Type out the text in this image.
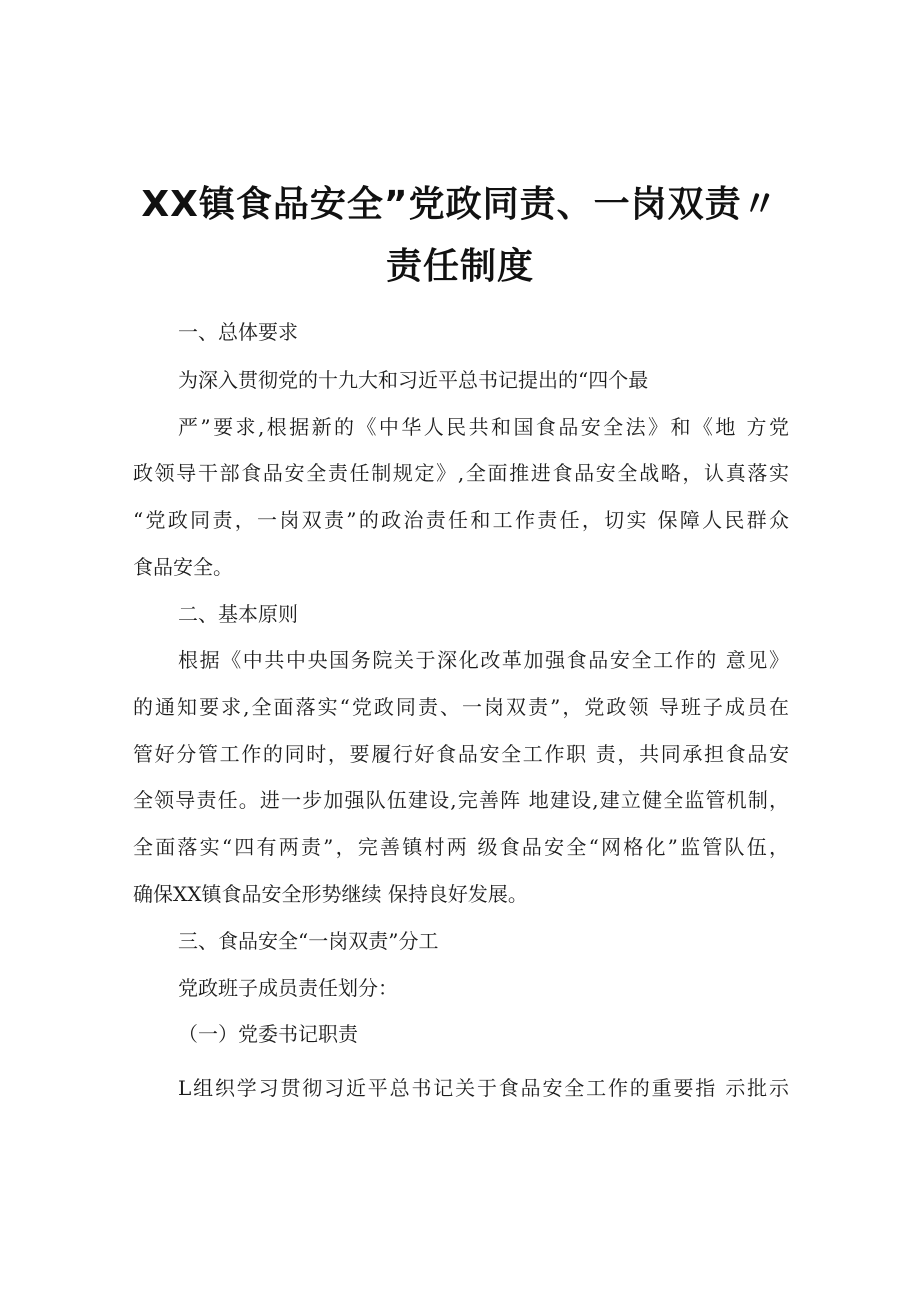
XX镇食品安全”党政同责、一岗双责〃
责任制度
一、总体要求
为深入贯彻党的十九大和习近平总书记提出的“四个最
严”要求,根据新的《中华人民共和国食品安全法》和《地 方党
政领导干部食品安全责任制规定》,全面推进食品安全战略，认真落实
“党政同责，一岗双责”的政治责任和工作责任，切实 保障人民群众
食品安全。
二、基本原则
根据《中共中央国务院关于深化改革加强食品安全工作的 意见》
的通知要求,全面落实“党政同责、一岗双责”，党政领 导班子成员在
管好分管工作的同时，要履行好食品安全工作职 责，共同承担食品安
全领导责任。进一步加强队伍建设,完善阵 地建设,建立健全监管机制，
全面落实“四有两责”，完善镇村两 级食品安全“网格化”监管队伍，
确保XX镇食品安全形势继续 保持良好发展。
三、食品安全“一岗双责”分工
党政班子成员责任划分：
（一）党委书记职责
L组织学习贯彻习近平总书记关于食品安全工作的重要指 示批示
